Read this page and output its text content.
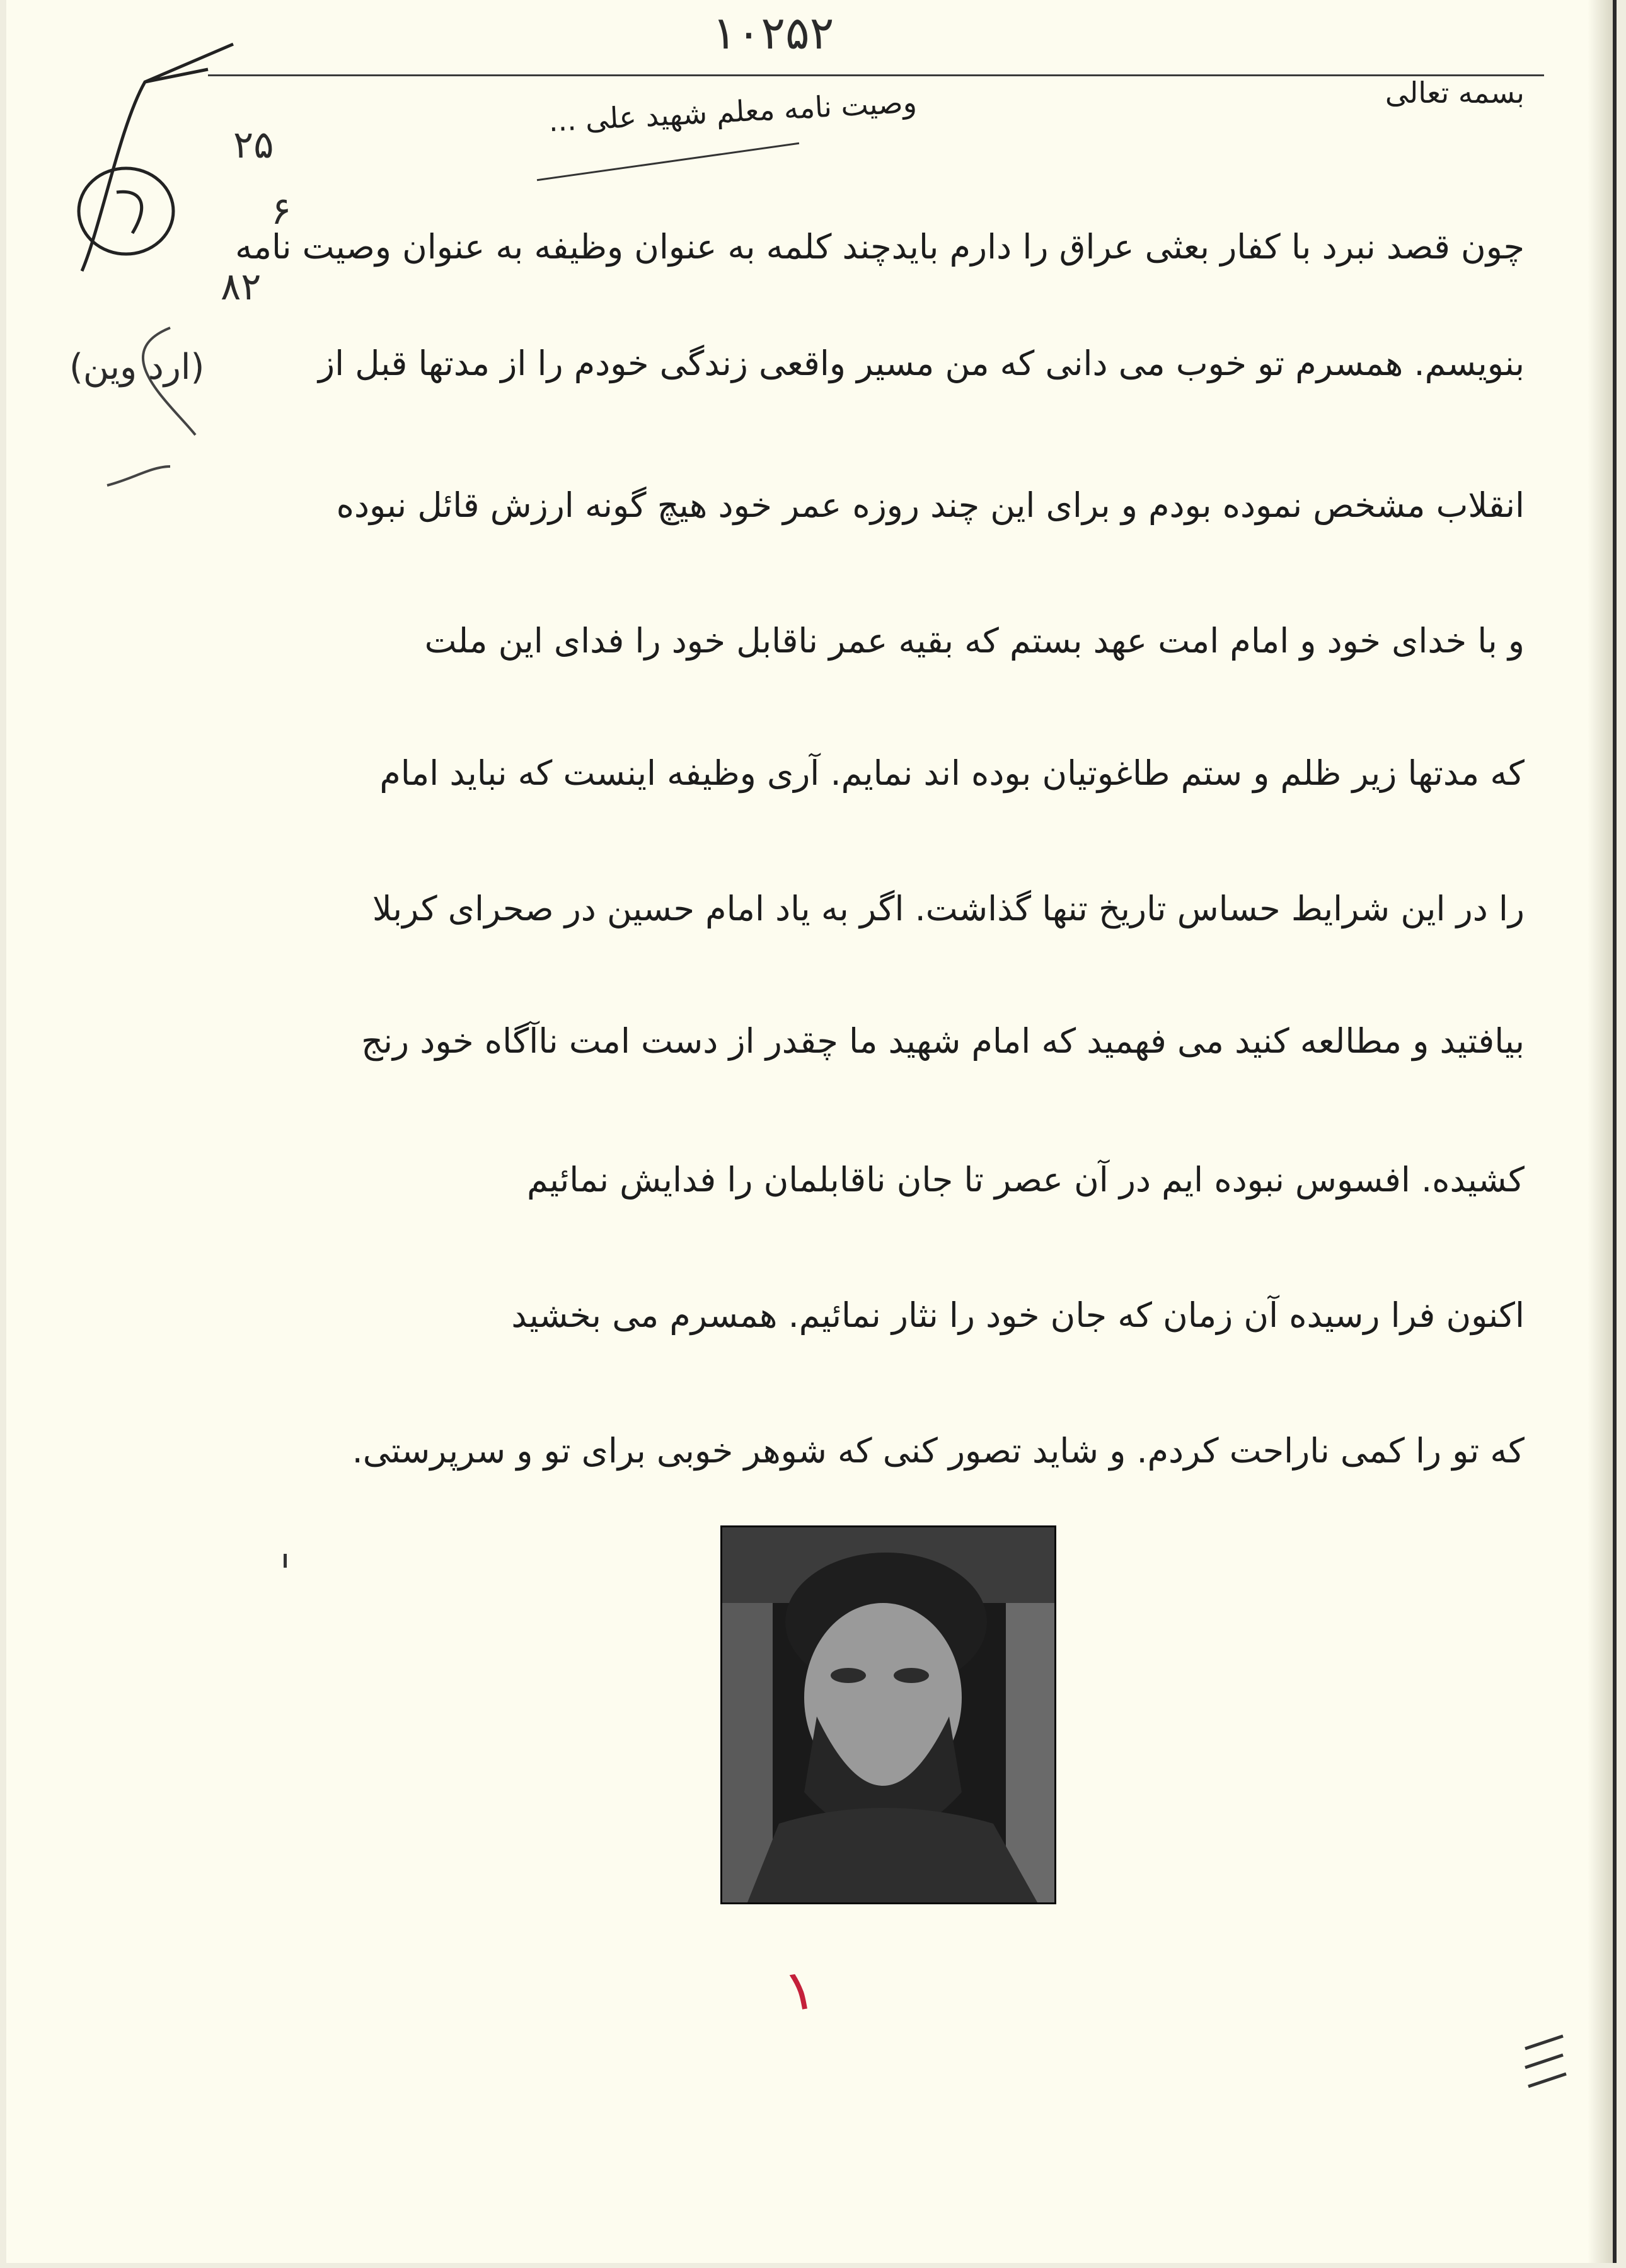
۱۰۲۵۲
بسمه تعالی
وصیت نامه معلم شهید علی ...
۲۵
۶
۸۲
(ارد وین)
چون قصد نبرد با کفار بعثی عراق را دارم بایدچند کلمه به عنوان وظیفه به عنوان وصیت نامه
بنویسم. همسرم تو خوب می دانی که من مسیر واقعی زندگی خودم را از مدتها قبل از
انقلاب مشخص نموده بودم و برای این چند روزه عمر خود هیچ گونه ارزش قائل نبوده
و با خدای خود و امام امت عهد بستم که بقیه عمر ناقابل خود را فدای این ملت
که مدتها زیر ظلم و ستم طاغوتیان بوده اند نمایم. آری وظیفه اینست که نباید امام
را در این شرایط حساس تاریخ تنها گذاشت. اگر به یاد امام حسین در صحرای کربلا
بیافتید و مطالعه کنید می فهمید که امام شهید ما چقدر از دست امت ناآگاه خود رنج
کشیده. افسوس نبوده ایم در آن عصر تا جان ناقابلمان را فدایش نمائیم
اکنون فرا رسیده آن زمان که جان خود را نثار نمائیم. همسرم می بخشید
که تو را کمی ناراحت کردم. و شاید تصور کنی که شوهر خوبی برای تو و سرپرستی.
۱
